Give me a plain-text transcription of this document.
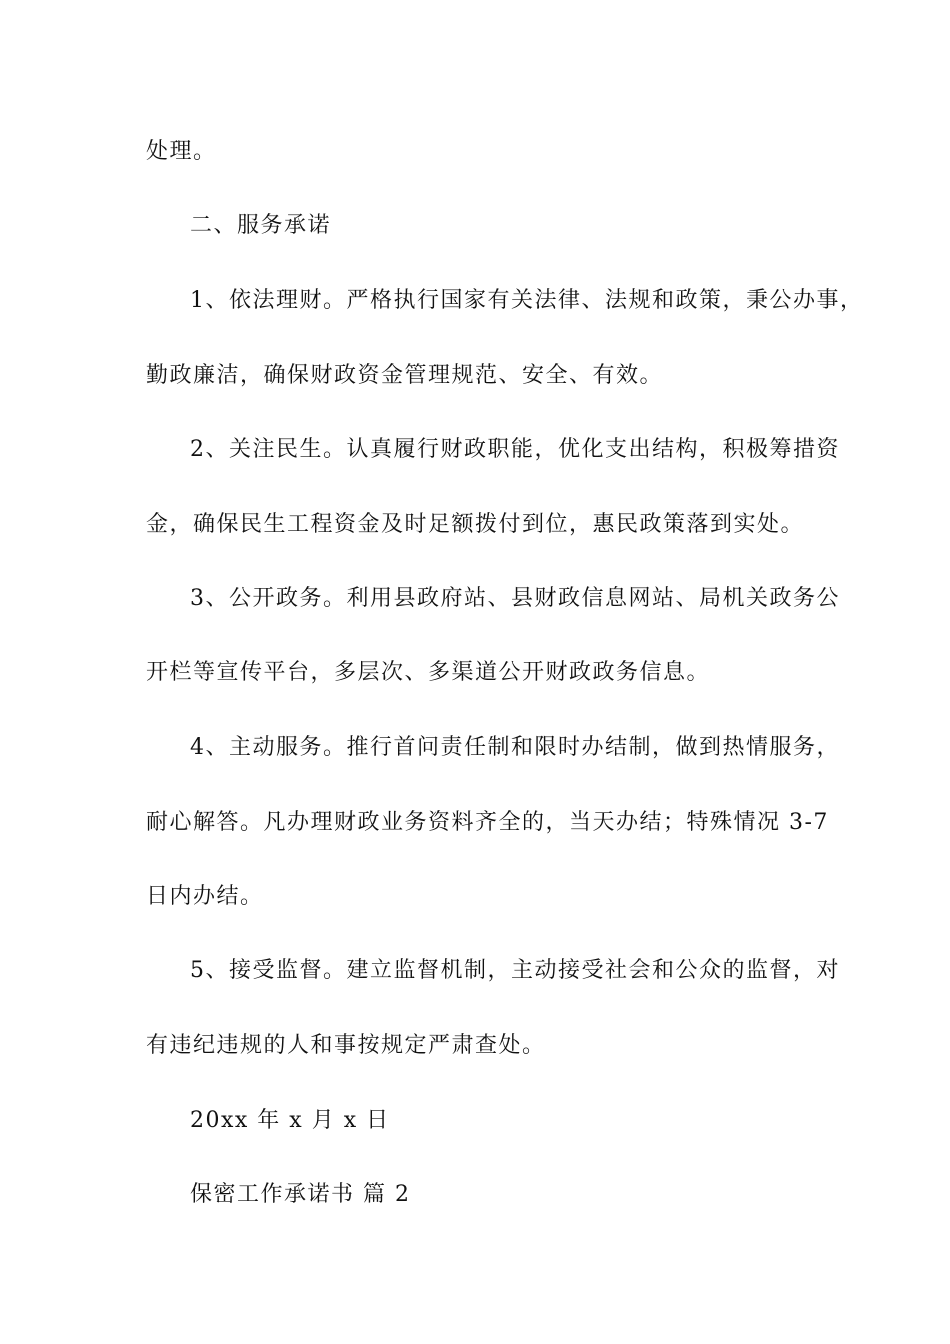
处理。
二、服务承诺
1、依法理财。严格执行国家有关法律、法规和政策，秉公办事，
勤政廉洁，确保财政资金管理规范、安全、有效。
2、关注民生。认真履行财政职能，优化支出结构，积极筹措资
金，确保民生工程资金及时足额拨付到位，惠民政策落到实处。
3、公开政务。利用县政府站、县财政信息网站、局机关政务公
开栏等宣传平台，多层次、多渠道公开财政政务信息。
4、主动服务。推行首问责任制和限时办结制，做到热情服务，
耐心解答。凡办理财政业务资料齐全的，当天办结；特殊情况 3-7
日内办结。
5、接受监督。建立监督机制，主动接受社会和公众的监督，对
有违纪违规的人和事按规定严肃查处。
20xx 年 x 月 x 日
保密工作承诺书 篇 2
